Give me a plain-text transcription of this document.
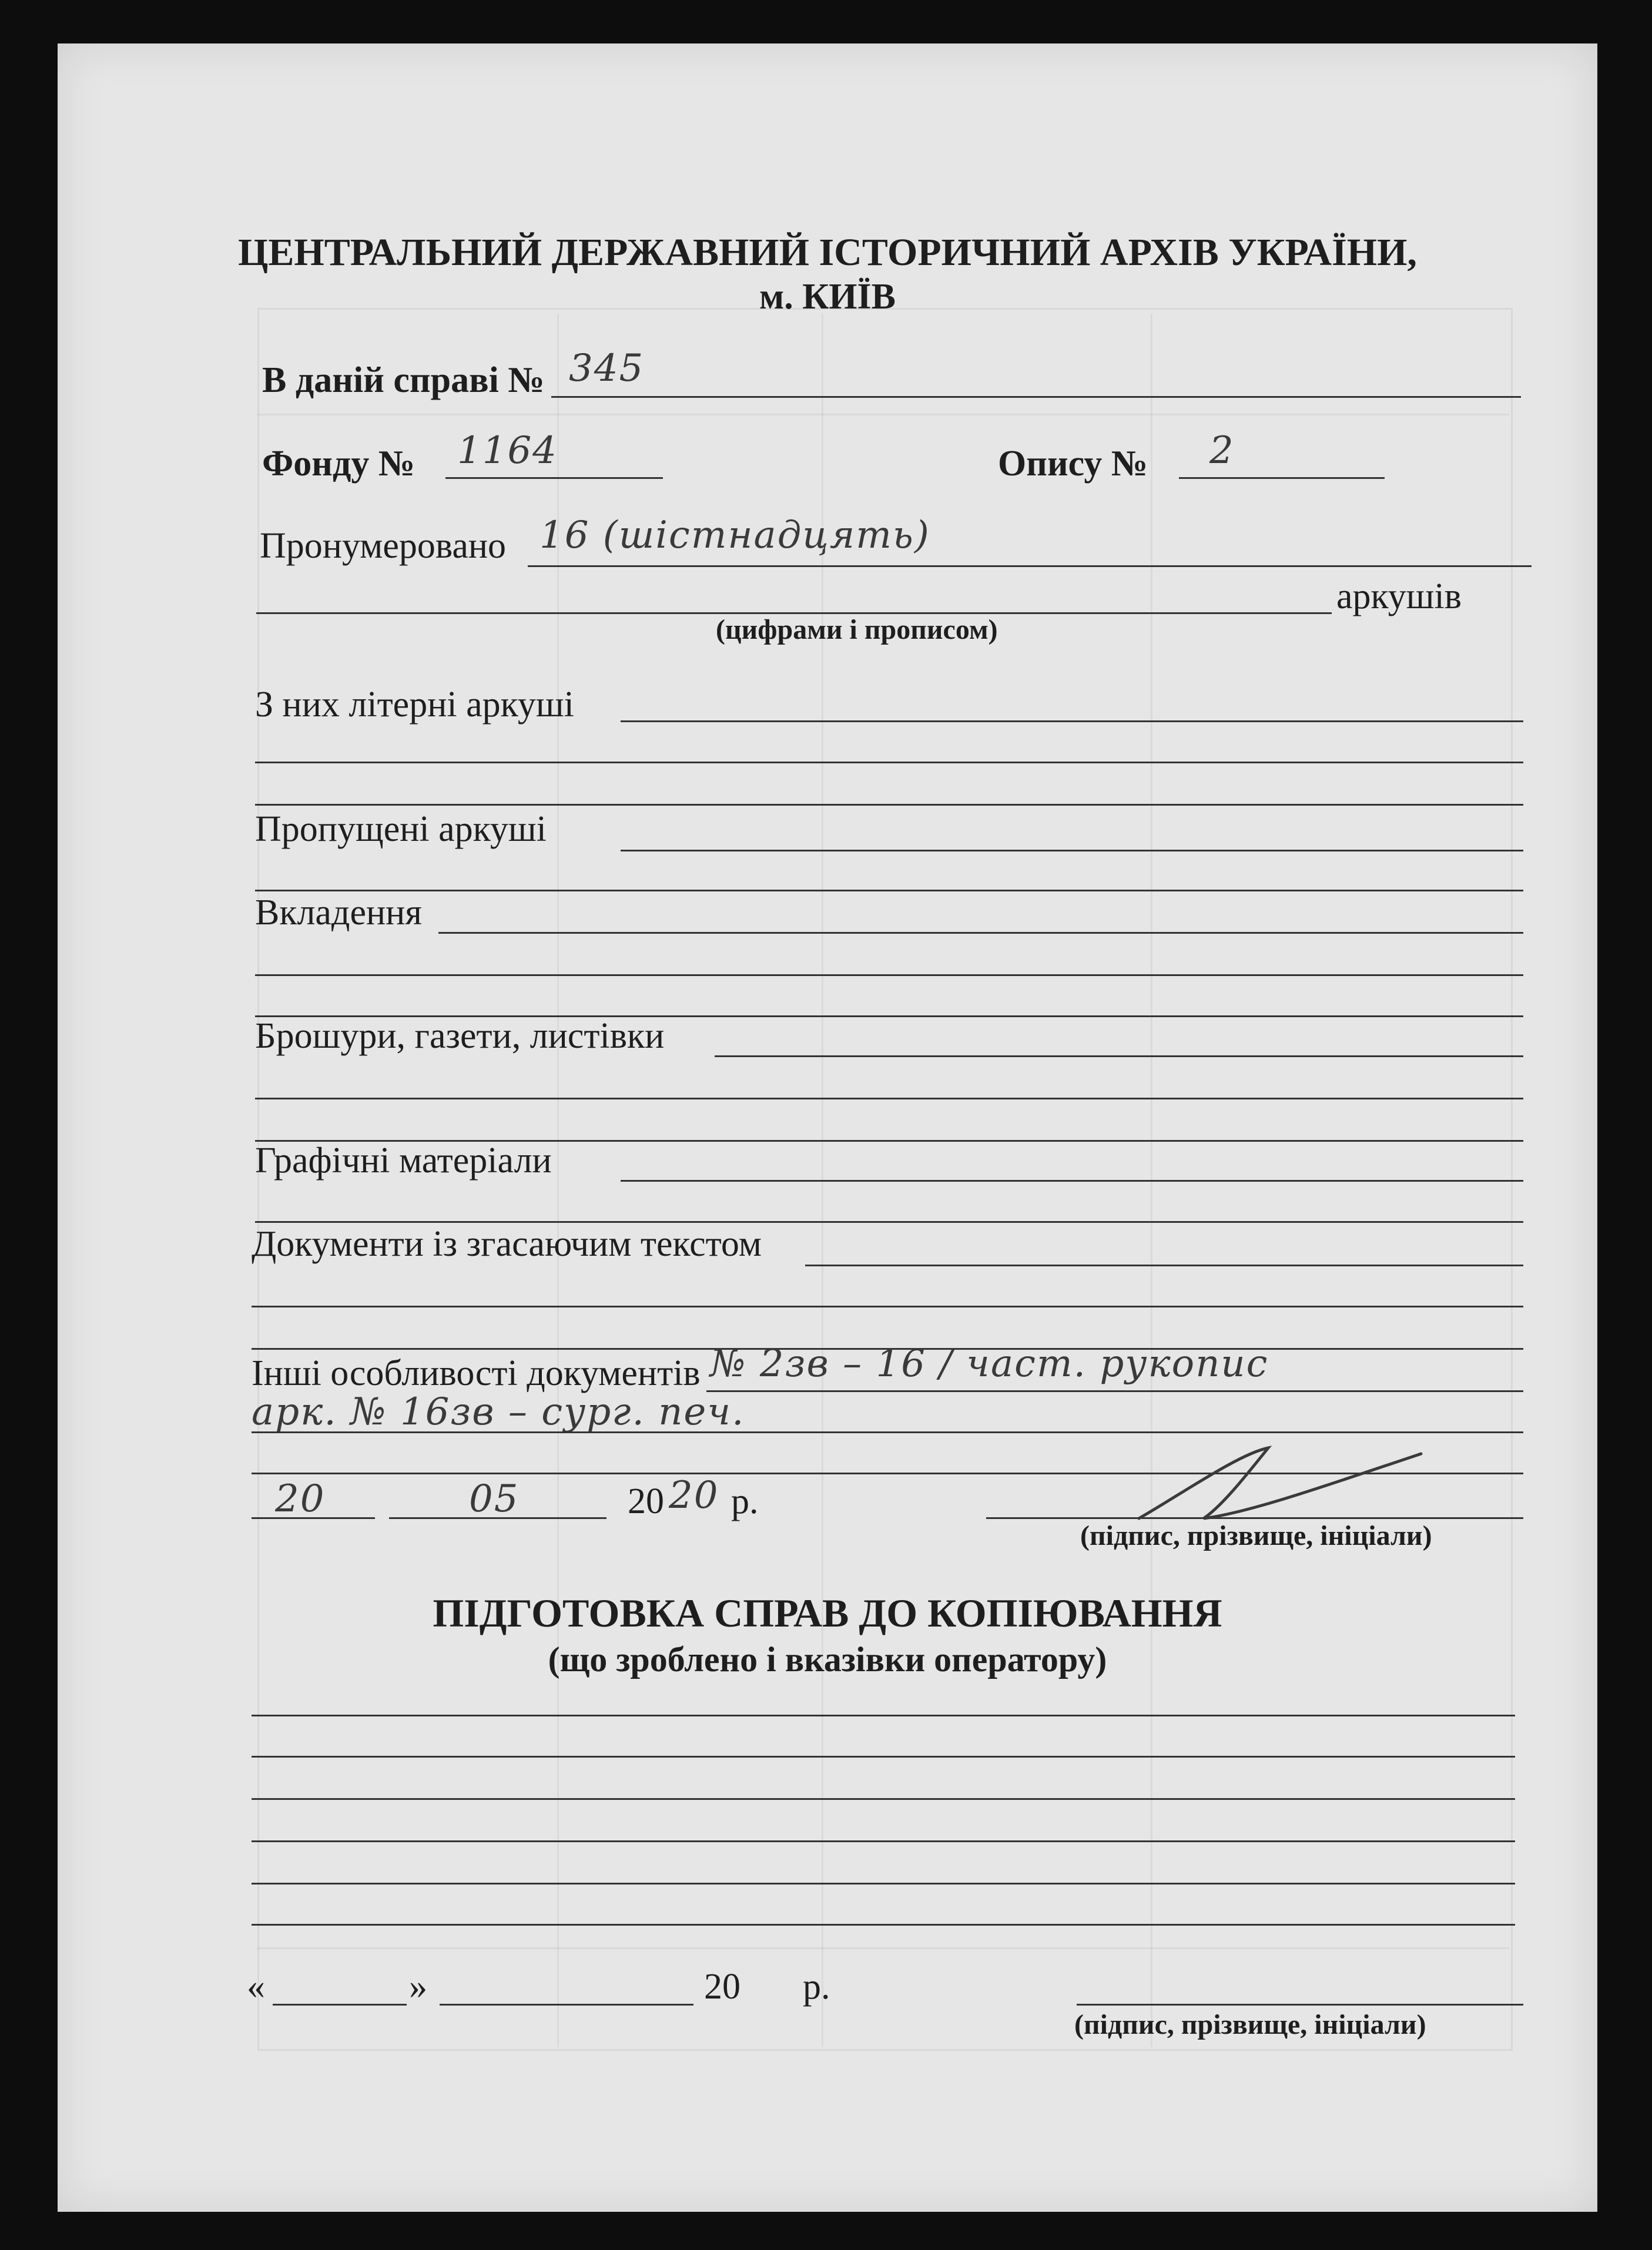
ЦЕНТРАЛЬНИЙ ДЕРЖАВНИЙ ІСТОРИЧНИЙ АРХІВ УКРАЇНИ,
м. КИЇВ
В даній справі № 345
Фонду № 1164	Опису № 2
Пронумеровано 16 (шістнадцять)
аркушів
(цифрами і прописом)
З них літерні аркуші
Пропущені аркуші
Вкладення
Брошури, газети, листівки
Графічні матеріали
Документи із згасаючим текстом
Інші особливості документів № 2зв – 16 / част. рукопис
арк. № 16зв – сург. печ.
20	05	20 20 р.
(підпис, прізвище, ініціали)
ПІДГОТОВКА СПРАВ ДО КОПІЮВАННЯ
(що зроблено і вказівки оператору)
«	»	20 р.
(підпис, прізвище, ініціали)
